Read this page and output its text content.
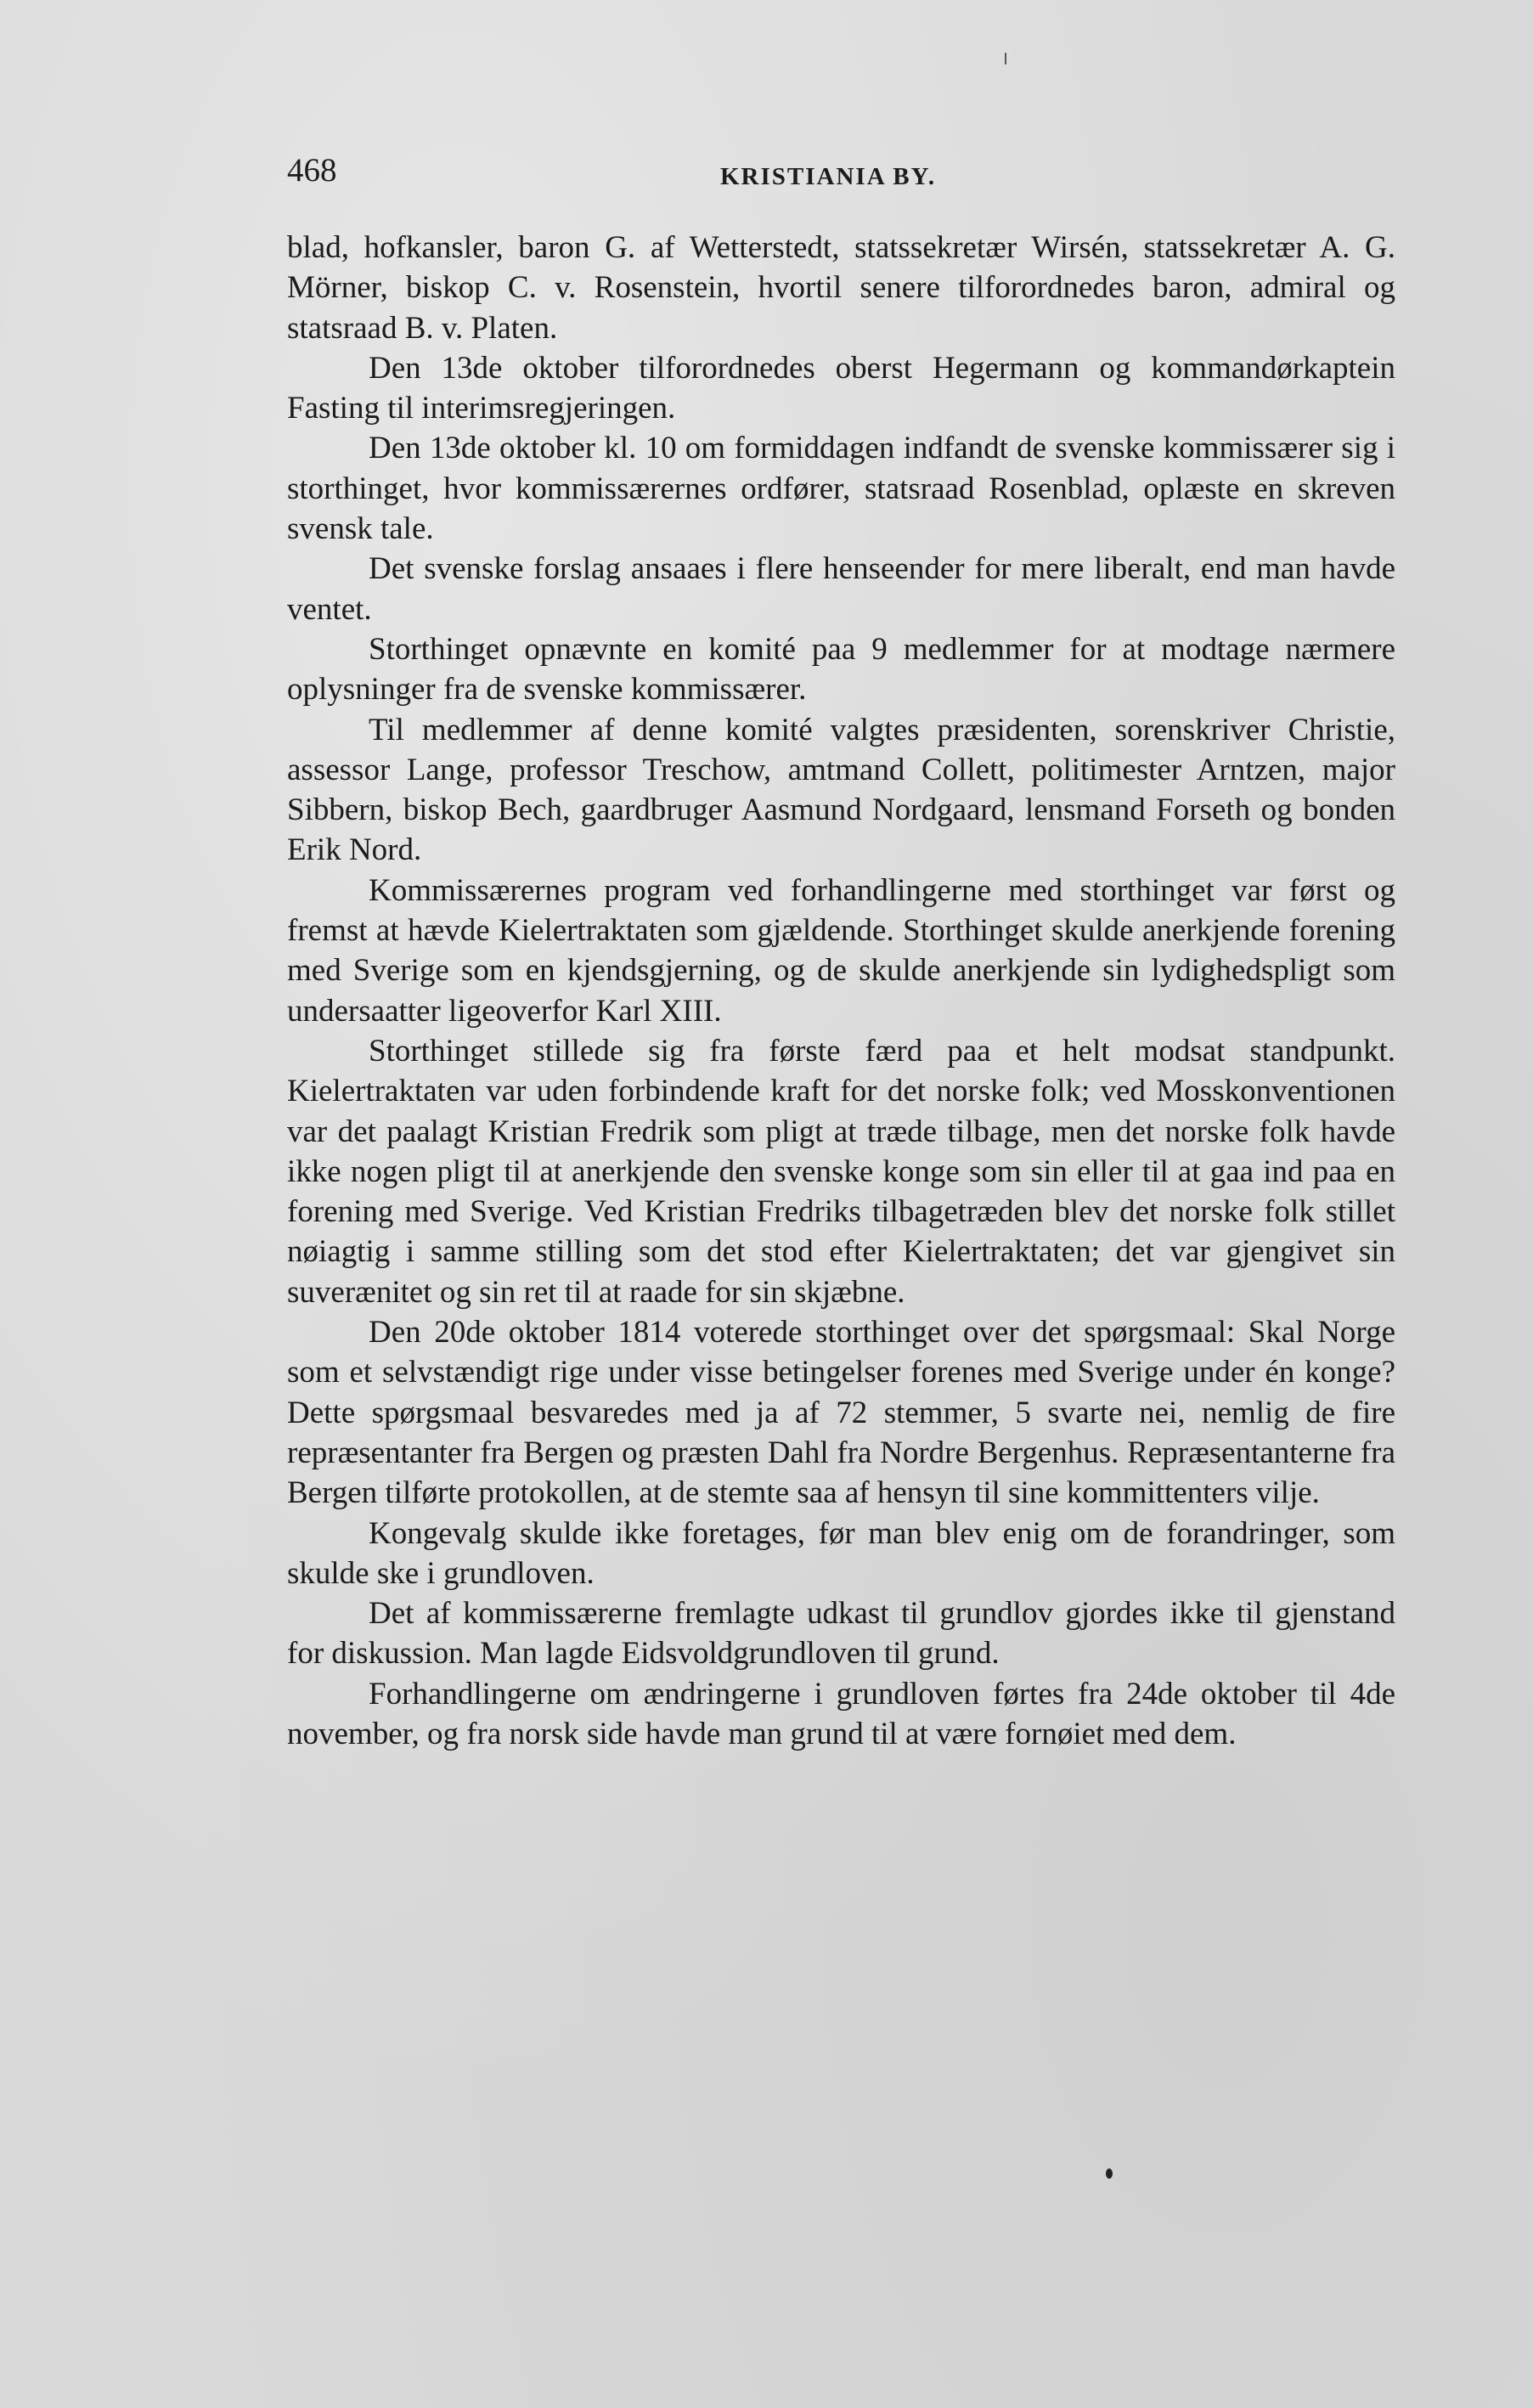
468	KRISTIANIA BY.

blad, hofkansler, baron G. af Wetterstedt, statssekretær Wirsén, statssekretær A. G. Mörner, biskop C. v. Rosenstein, hvortil senere tilforordnedes baron, admiral og statsraad B. v. Platen.

Den 13de oktober tilforordnedes oberst Hegermann og kommandørkaptein Fasting til interimsregjeringen.

Den 13de oktober kl. 10 om formiddagen indfandt de svenske kommissærer sig i storthinget, hvor kommissærernes ordfører, statsraad Rosenblad, oplæste en skreven svensk tale.

Det svenske forslag ansaaes i flere henseender for mere liberalt, end man havde ventet.

Storthinget opnævnte en komité paa 9 medlemmer for at modtage nærmere oplysninger fra de svenske kommissærer.

Til medlemmer af denne komité valgtes præsidenten, sorenskriver Christie, assessor Lange, professor Treschow, amtmand Collett, politimester Arntzen, major Sibbern, biskop Bech, gaardbruger Aasmund Nordgaard, lensmand Forseth og bonden Erik Nord.

Kommissærernes program ved forhandlingerne med storthinget var først og fremst at hævde Kielertraktaten som gjældende. Storthinget skulde anerkjende forening med Sverige som en kjendsgjerning, og de skulde anerkjende sin lydighedspligt som undersaatter ligeoverfor Karl XIII.

Storthinget stillede sig fra første færd paa et helt modsat standpunkt. Kielertraktaten var uden forbindende kraft for det norske folk; ved Mosskonventionen var det paalagt Kristian Fredrik som pligt at træde tilbage, men det norske folk havde ikke nogen pligt til at anerkjende den svenske konge som sin eller til at gaa ind paa en forening med Sverige. Ved Kristian Fredriks tilbagetræden blev det norske folk stillet nøiagtig i samme stilling som det stod efter Kielertraktaten; det var gjengivet sin suverænitet og sin ret til at raade for sin skjæbne.

Den 20de oktober 1814 voterede storthinget over det spørgsmaal: Skal Norge som et selvstændigt rige under visse betingelser forenes med Sverige under én konge? Dette spørgsmaal besvaredes med ja af 72 stemmer, 5 svarte nei, nemlig de fire repræsentanter fra Bergen og præsten Dahl fra Nordre Bergenhus. Repræsentanterne fra Bergen tilførte protokollen, at de stemte saa af hensyn til sine kommittenters vilje.

Kongevalg skulde ikke foretages, før man blev enig om de forandringer, som skulde ske i grundloven.

Det af kommissærerne fremlagte udkast til grundlov gjordes ikke til gjenstand for diskussion. Man lagde Eidsvoldgrundloven til grund.

Forhandlingerne om ændringerne i grundloven førtes fra 24de oktober til 4de november, og fra norsk side havde man grund til at være fornøiet med dem.
